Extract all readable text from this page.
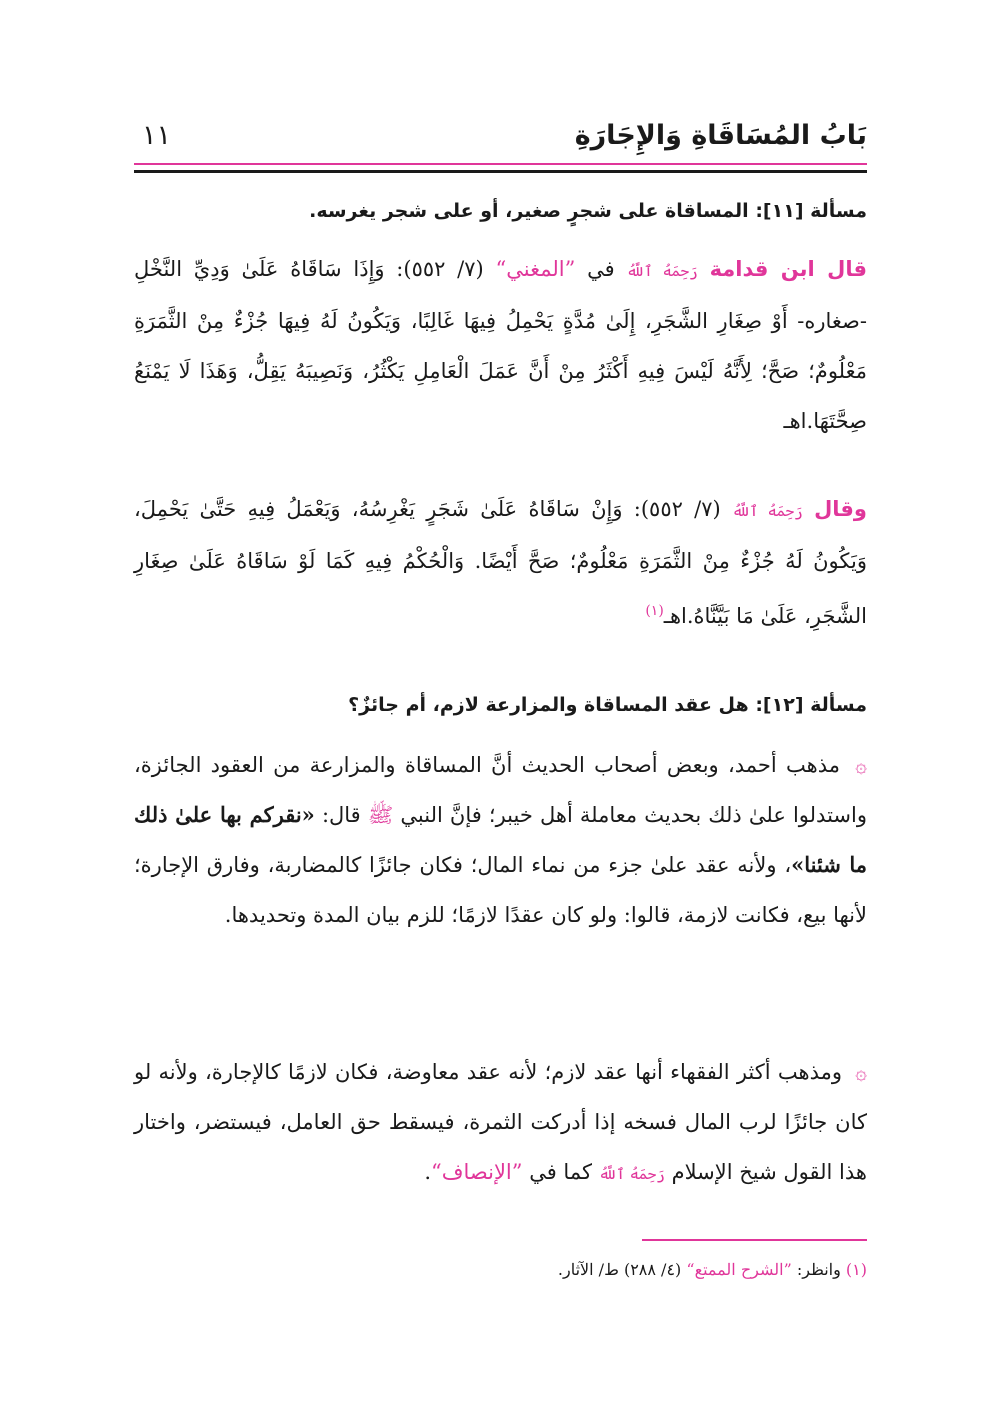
بَابُ المُسَاقَاةِ وَالإِجَارَةِ
١١
مسألة [١١]: المساقاة على شجرٍ صغير، أو على شجر يغرسه.
قال ابن قدامة رَحِمَهُ ٱللَّهُ في ”المغني“ (٧/ ٥٥٢): وَإِذَا سَاقَاهُ عَلَىٰ وَدِيِّ النَّخْلِ -صغاره- أَوْ صِغَارِ الشَّجَرِ، إِلَىٰ مُدَّةٍ يَحْمِلُ فِيهَا غَالِبًا، وَيَكُونُ لَهُ فِيهَا جُزْءٌ مِنْ الثَّمَرَةِ مَعْلُومٌ؛ صَحَّ؛ لِأَنَّهُ لَيْسَ فِيهِ أَكْثَرُ مِنْ أَنَّ عَمَلَ الْعَامِلِ يَكْثُرُ، وَنَصِيبَهُ يَقِلُّ، وَهَذَا لَا يَمْنَعُ صِحَّتَهَا.اهـ
وقال رَحِمَهُ ٱللَّهُ (٧/ ٥٥٢): وَإِنْ سَاقَاهُ عَلَىٰ شَجَرٍ يَغْرِسُهُ، وَيَعْمَلُ فِيهِ حَتَّىٰ يَحْمِلَ، وَيَكُونُ لَهُ جُزْءٌ مِنْ الثَّمَرَةِ مَعْلُومٌ؛ صَحَّ أَيْضًا. وَالْحُكْمُ فِيهِ كَمَا لَوْ سَاقَاهُ عَلَىٰ صِغَارِ الشَّجَرِ، عَلَىٰ مَا بَيَّنَّاهُ.اهـ$^{(١)}$
مسألة [١٢]: هل عقد المساقاة والمزارعة لازم، أم جائزٌ؟
۞ مذهب أحمد، وبعض أصحاب الحديث أنَّ المساقاة والمزارعة من العقود الجائزة، واستدلوا علىٰ ذلك بحديث معاملة أهل خيبر؛ فإنَّ النبي ﷺ قال: «نقركم بها علىٰ ذلك ما شئنا»، ولأنه عقد علىٰ جزء من نماء المال؛ فكان جائزًا كالمضاربة، وفارق الإجارة؛ لأنها بيع، فكانت لازمة، قالوا: ولو كان عقدًا لازمًا؛ للزم بيان المدة وتحديدها.
۞ ومذهب أكثر الفقهاء أنها عقد لازم؛ لأنه عقد معاوضة، فكان لازمًا كالإجارة، ولأنه لو كان جائزًا لرب المال فسخه إذا أدركت الثمرة، فيسقط حق العامل، فيستضر، واختار هذا القول شيخ الإسلام رَحِمَهُ ٱللَّهُ كما في ”الإنصاف“.
(١) وانظر: ”الشرح الممتع“ (٤/ ٢٨٨) ط/ الآثار.
